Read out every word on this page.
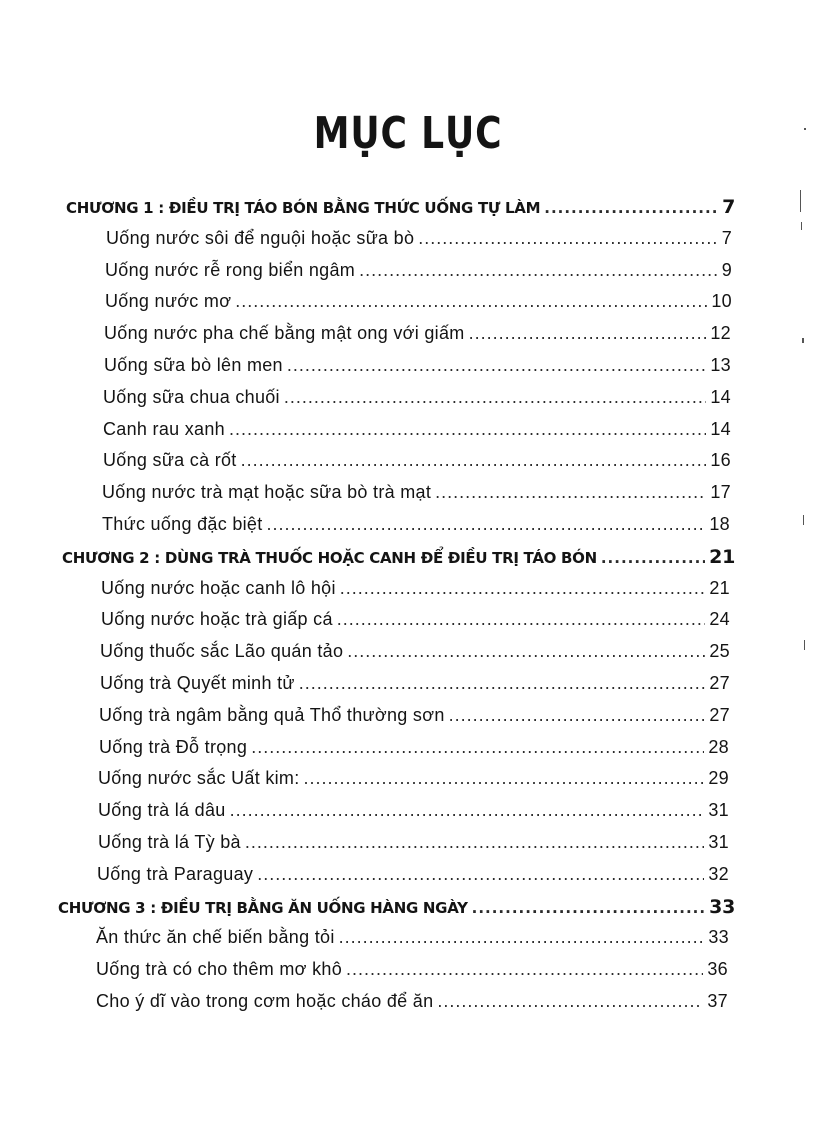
MỤC LỤC
CHƯƠNG 1 : ĐIỀU TRỊ TÁO BÓN BẰNG THỨC UỐNG TỰ LÀM .....	7
Uống nước sôi để nguội hoặc sữa bò .....	7
Uống nước rễ rong biển ngâm .....	9
Uống nước mơ .....	10
Uống nước pha chế bằng mật ong với giấm .....	12
Uống sữa bò lên men .....	13
Uống sữa chua chuối .....	14
Canh rau xanh .....	14
Uống sữa cà rốt .....	16
Uống nước trà mạt hoặc sữa bò trà mạt .....	17
Thức uống đặc biệt .....	18
CHƯƠNG 2 : DÙNG TRÀ THUỐC HOẶC CANH ĐỂ ĐIỀU TRỊ TÁO BÓN .....	21
Uống nước hoặc canh lô hội .....	21
Uống nước hoặc trà giấp cá .....	24
Uống thuốc sắc Lão quán tảo .....	25
Uống trà Quyết minh tử .....	27
Uống trà ngâm bằng quả Thổ thường sơn .....	27
Uống trà Đỗ trọng .....	28
Uống nước sắc Uất kim: .....	29
Uống trà lá dâu .....	31
Uống trà lá Tỳ bà .....	31
Uống trà Paraguay .....	32
CHƯƠNG 3 : ĐIỀU TRỊ BẰNG ĂN UỐNG HÀNG NGÀY .....	33
Ăn thức ăn chế biến bằng tỏi .....	33
Uống trà có cho thêm mơ khô .....	36
Cho ý dĩ vào trong cơm hoặc cháo để ăn .....	37
